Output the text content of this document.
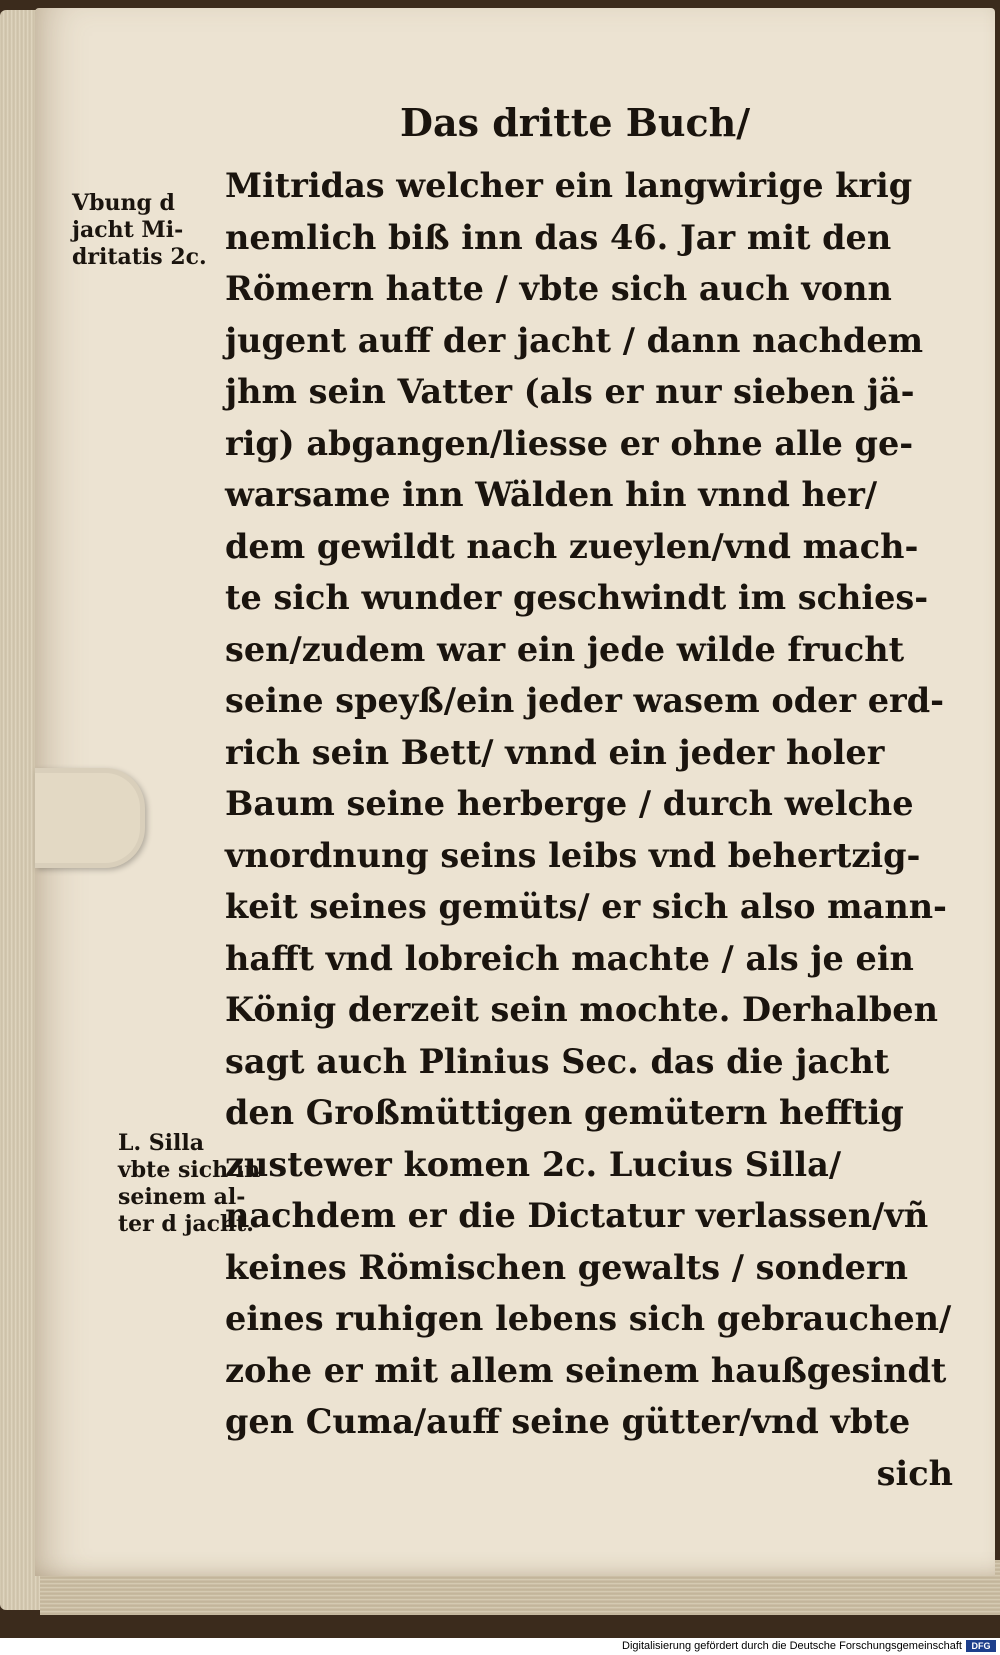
Das dritte Buch/
Vbung d
jacht Mi-
dritatis 2c.
L. Silla
vbte sich in
seinem al-
ter d jacht.
Mitridas welcher ein langwirige krig
nemlich biß inn das 46. Jar mit den
Römern hatte / vbte sich auch vonn
jugent auff der jacht / dann nachdem
jhm sein Vatter (als er nur sieben jä-
rig) abgangen/liesse er ohne alle ge-
warsame inn Wälden hin vnnd her/
dem gewildt nach zueylen/vnd mach-
te sich wunder geschwindt im schies-
sen/zudem war ein jede wilde frucht
seine speyß/ein jeder wasem oder erd-
rich sein Bett/ vnnd ein jeder holer
Baum seine herberge / durch welche
vnordnung seins leibs vnd behertzig-
keit seines gemüts/ er sich also mann-
hafft vnd lobreich machte / als je ein
König derzeit sein mochte. Derhalben
sagt auch Plinius Sec. das die jacht
den Großmüttigen gemütern hefftig
zustewer komen 2c. Lucius Silla/
nachdem er die Dictatur verlassen/vñ
keines Römischen gewalts / sondern
eines ruhigen lebens sich gebrauchen/
zohe er mit allem seinem haußgesindt
gen Cuma/auff seine gütter/vnd vbte
sich
Digitalisierung gefördert durch die Deutsche Forschungsgemeinschaft	DFG
